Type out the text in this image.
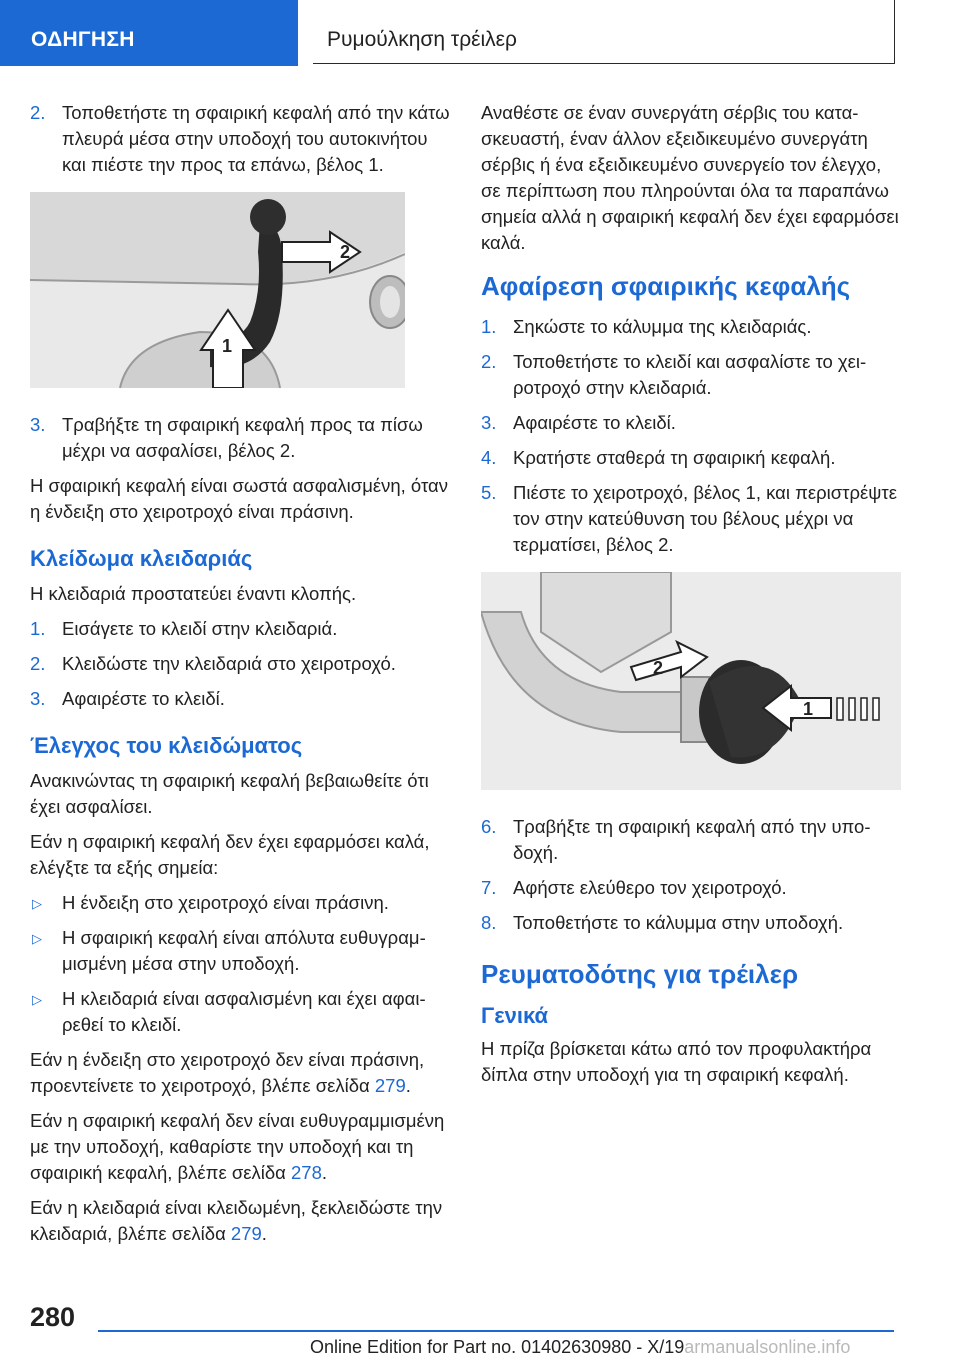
ΟΔΗΓΗΣΗ	Ρυμούλκηση τρέιλερ
2. Τοποθετήστε τη σφαιρική κεφαλή από την κάτω πλευρά μέσα στην υποδοχή του αυτοκινήτου και πιέστε την προς τα επάνω, βέλος 1.
2
1
3. Τραβήξτε τη σφαιρική κεφαλή προς τα πίσω μέχρι να ασφαλίσει, βέλος 2.
Η σφαιρική κεφαλή είναι σωστά ασφαλισμένη, όταν η ένδειξη στο χειροτροχό είναι πράσινη.
Κλείδωμα κλειδαριάς
Η κλειδαριά προστατεύει έναντι κλοπής.
1. Εισάγετε το κλειδί στην κλειδαριά.
2. Κλειδώστε την κλειδαριά στο χειροτροχό.
3. Αφαιρέστε το κλειδί.
Έλεγχος του κλειδώματος
Ανακινώντας τη σφαιρική κεφαλή βεβαιωθείτε ότι έχει ασφαλίσει.
Εάν η σφαιρική κεφαλή δεν έχει εφαρμόσει καλά, ελέγξτε τα εξής σημεία:
▷ Η ένδειξη στο χειροτροχό είναι πράσινη.
▷ Η σφαιρική κεφαλή είναι απόλυτα ευθυγραμμισμένη μέσα στην υποδοχή.
▷ Η κλειδαριά είναι ασφαλισμένη και έχει αφαιρεθεί το κλειδί.
Εάν η ένδειξη στο χειροτροχό δεν είναι πράσινη, προεντείνετε το χειροτροχό, βλέπε σελίδα 279.
Εάν η σφαιρική κεφαλή δεν είναι ευθυγραμμισμένη με την υποδοχή, καθαρίστε την υποδοχή και τη σφαιρική κεφαλή, βλέπε σελίδα 278.
Εάν η κλειδαριά είναι κλειδωμένη, ξεκλειδώστε την κλειδαριά, βλέπε σελίδα 279.
Αναθέστε σε έναν συνεργάτη σέρβις του κατασκευαστή, έναν άλλον εξειδικευμένο συνεργάτη σέρβις ή ένα εξειδικευμένο συνεργείο τον έλεγχο, σε περίπτωση που πληρούνται όλα τα παραπάνω σημεία αλλά η σφαιρική κεφαλή δεν έχει εφαρμόσει καλά.
Αφαίρεση σφαιρικής κεφαλής
1. Σηκώστε το κάλυμμα της κλειδαριάς.
2. Τοποθετήστε το κλειδί και ασφαλίστε το χειροτροχό στην κλειδαριά.
3. Αφαιρέστε το κλειδί.
4. Κρατήστε σταθερά τη σφαιρική κεφαλή.
5. Πιέστε το χειροτροχό, βέλος 1, και περιστρέψτε τον στην κατεύθυνση του βέλους μέχρι να τερματίσει, βέλος 2.
2
1
6. Τραβήξτε τη σφαιρική κεφαλή από την υποδοχή.
7. Αφήστε ελεύθερο τον χειροτροχό.
8. Τοποθετήστε το κάλυμμα στην υποδοχή.
Ρευματοδότης για τρέιλερ
Γενικά
Η πρίζα βρίσκεται κάτω από τον προφυλακτήρα δίπλα στην υποδοχή για τη σφαιρική κεφαλή.
280
Online Edition for Part no. 01402630980 - X/19armanualsonline.info
